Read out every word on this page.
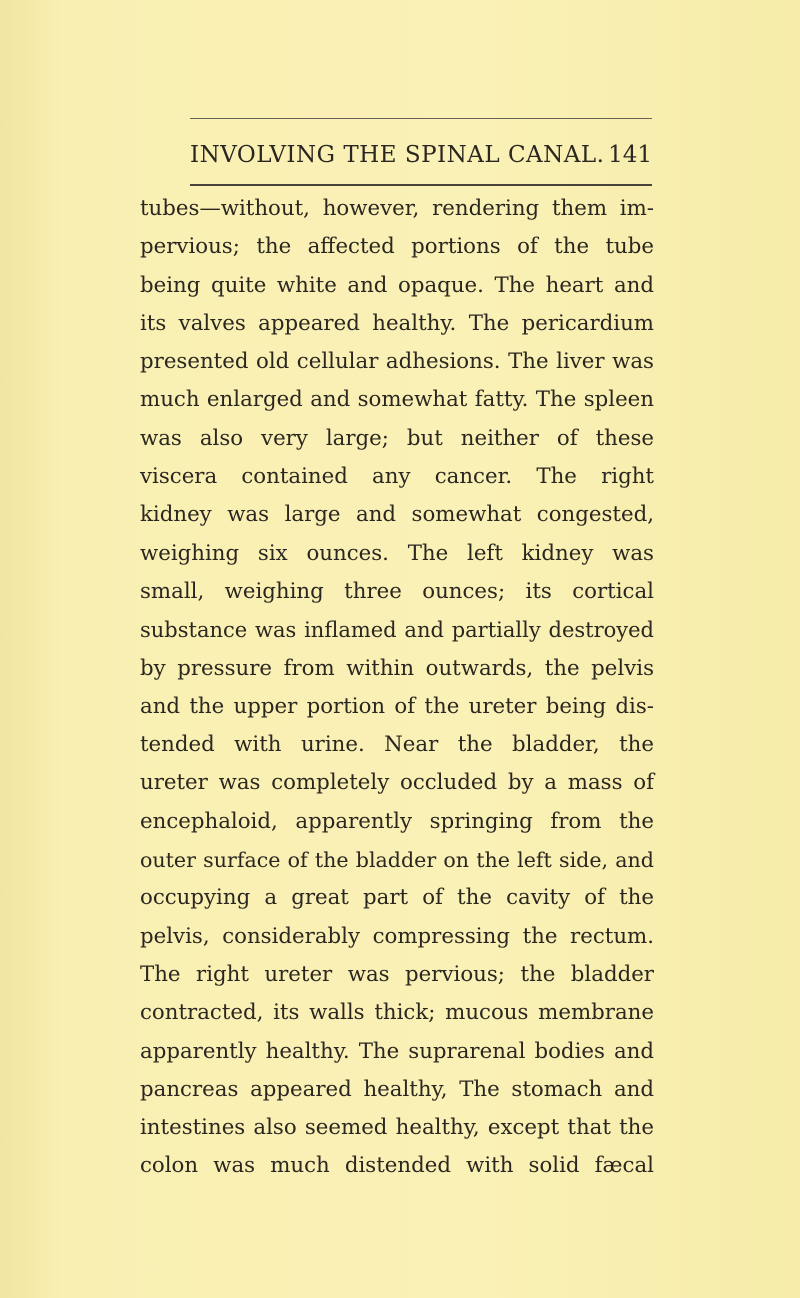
INVOLVING THE SPINAL CANAL. 141
tubes—without, however, rendering them im-
pervious; the affected portions of the tube
being quite white and opaque. The heart and
its valves appeared healthy. The pericardium
presented old cellular adhesions. The liver was
much enlarged and somewhat fatty. The spleen
was also very large; but neither of these
viscera contained any cancer. The right
kidney was large and somewhat congested,
weighing six ounces. The left kidney was
small, weighing three ounces; its cortical
substance was inflamed and partially destroyed
by pressure from within outwards, the pelvis
and the upper portion of the ureter being dis-
tended with urine. Near the bladder, the
ureter was completely occluded by a mass of
encephaloid, apparently springing from the
outer surface of the bladder on the left side, and
occupying a great part of the cavity of the
pelvis, considerably compressing the rectum.
The right ureter was pervious; the bladder
contracted, its walls thick; mucous membrane
apparently healthy. The suprarenal bodies and
pancreas appeared healthy, The stomach and
intestines also seemed healthy, except that the
colon was much distended with solid fæcal
